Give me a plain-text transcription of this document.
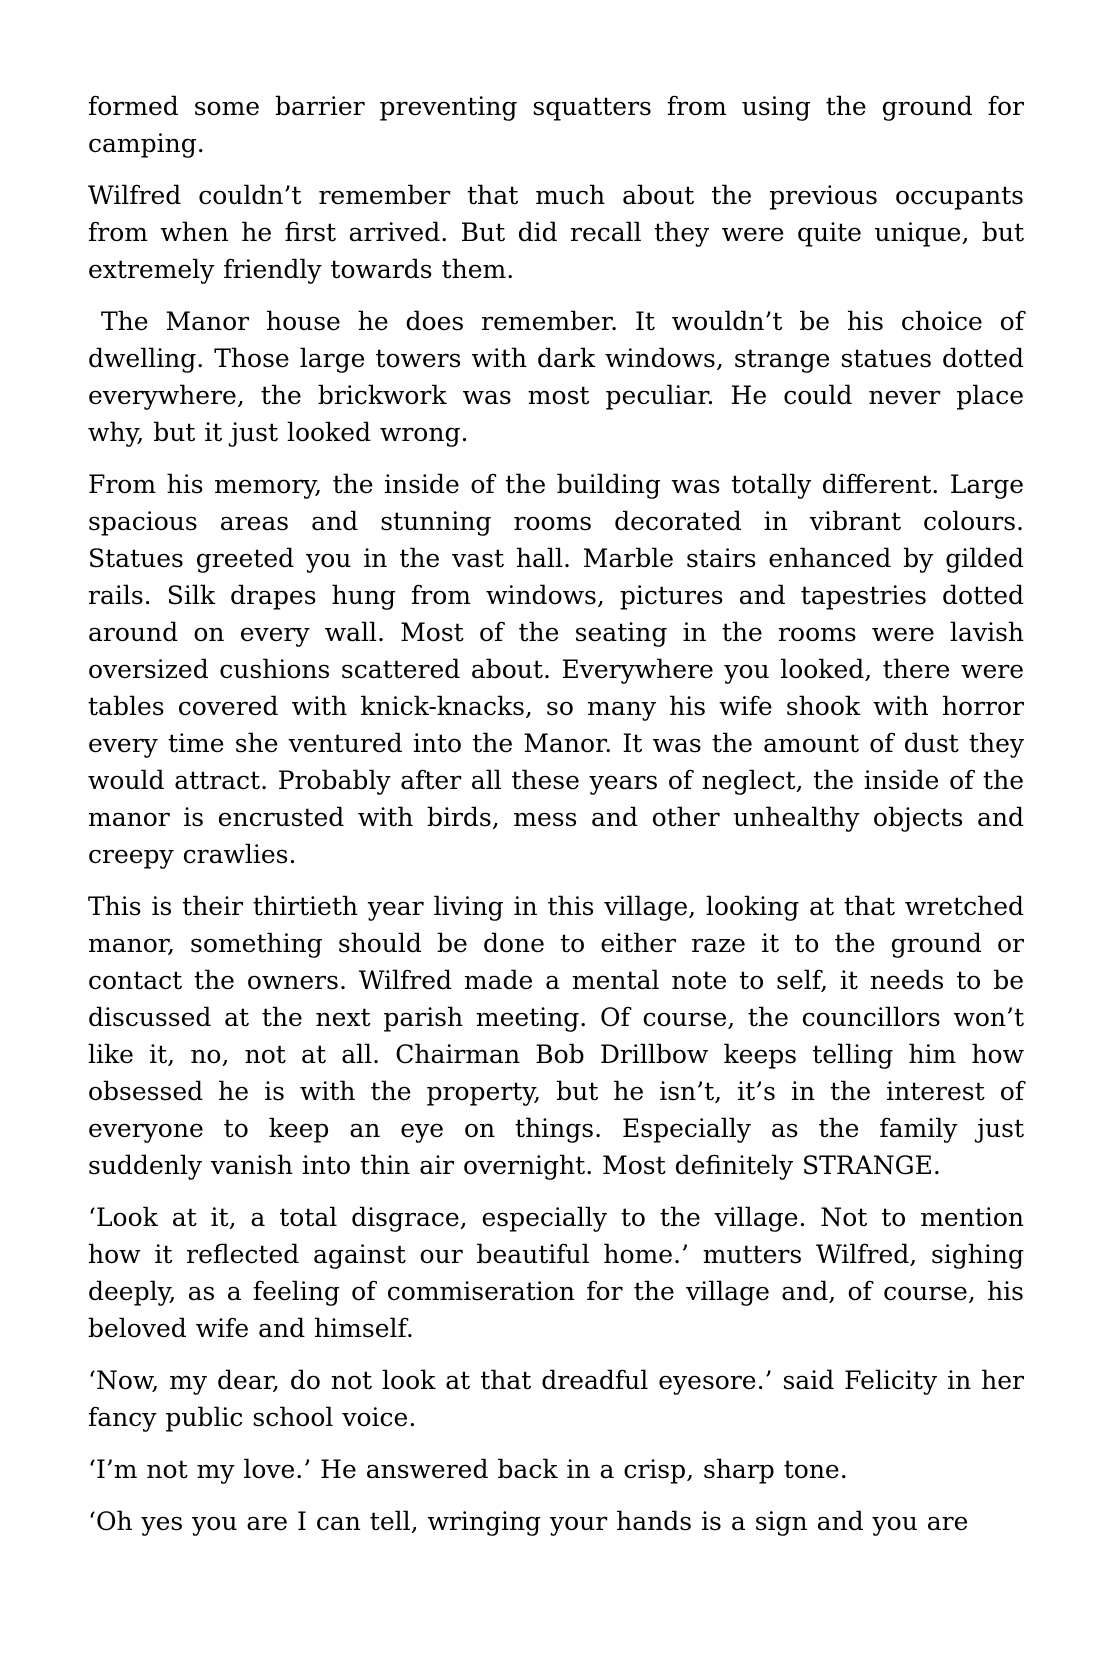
formed some barrier preventing squatters from using the ground for camping.

Wilfred couldn’t remember that much about the previous occupants from when he first arrived. But did recall they were quite unique, but extremely friendly towards them.

The Manor house he does remember. It wouldn’t be his choice of dwelling. Those large towers with dark windows, strange statues dotted everywhere, the brickwork was most peculiar. He could never place why, but it just looked wrong.

From his memory, the inside of the building was totally different. Large spacious areas and stunning rooms decorated in vibrant colours. Statues greeted you in the vast hall. Marble stairs enhanced by gilded rails. Silk drapes hung from windows, pictures and tapestries dotted around on every wall. Most of the seating in the rooms were lavish oversized cushions scattered about. Everywhere you looked, there were tables covered with knick-knacks, so many his wife shook with horror every time she ventured into the Manor. It was the amount of dust they would attract. Probably after all these years of neglect, the inside of the manor is encrusted with birds, mess and other unhealthy objects and creepy crawlies.

This is their thirtieth year living in this village, looking at that wretched manor, something should be done to either raze it to the ground or contact the owners. Wilfred made a mental note to self, it needs to be discussed at the next parish meeting. Of course, the councillors won’t like it, no, not at all. Chairman Bob Drillbow keeps telling him how obsessed he is with the property, but he isn’t, it’s in the interest of everyone to keep an eye on things. Especially as the family just suddenly vanish into thin air overnight. Most definitely STRANGE.

‘Look at it, a total disgrace, especially to the village. Not to mention how it reflected against our beautiful home.’ mutters Wilfred, sighing deeply, as a feeling of commiseration for the village and, of course, his beloved wife and himself.

‘Now, my dear, do not look at that dreadful eyesore.’ said Felicity in her fancy public school voice.

‘I’m not my love.’ He answered back in a crisp, sharp tone.

‘Oh yes you are I can tell, wringing your hands is a sign and you are
